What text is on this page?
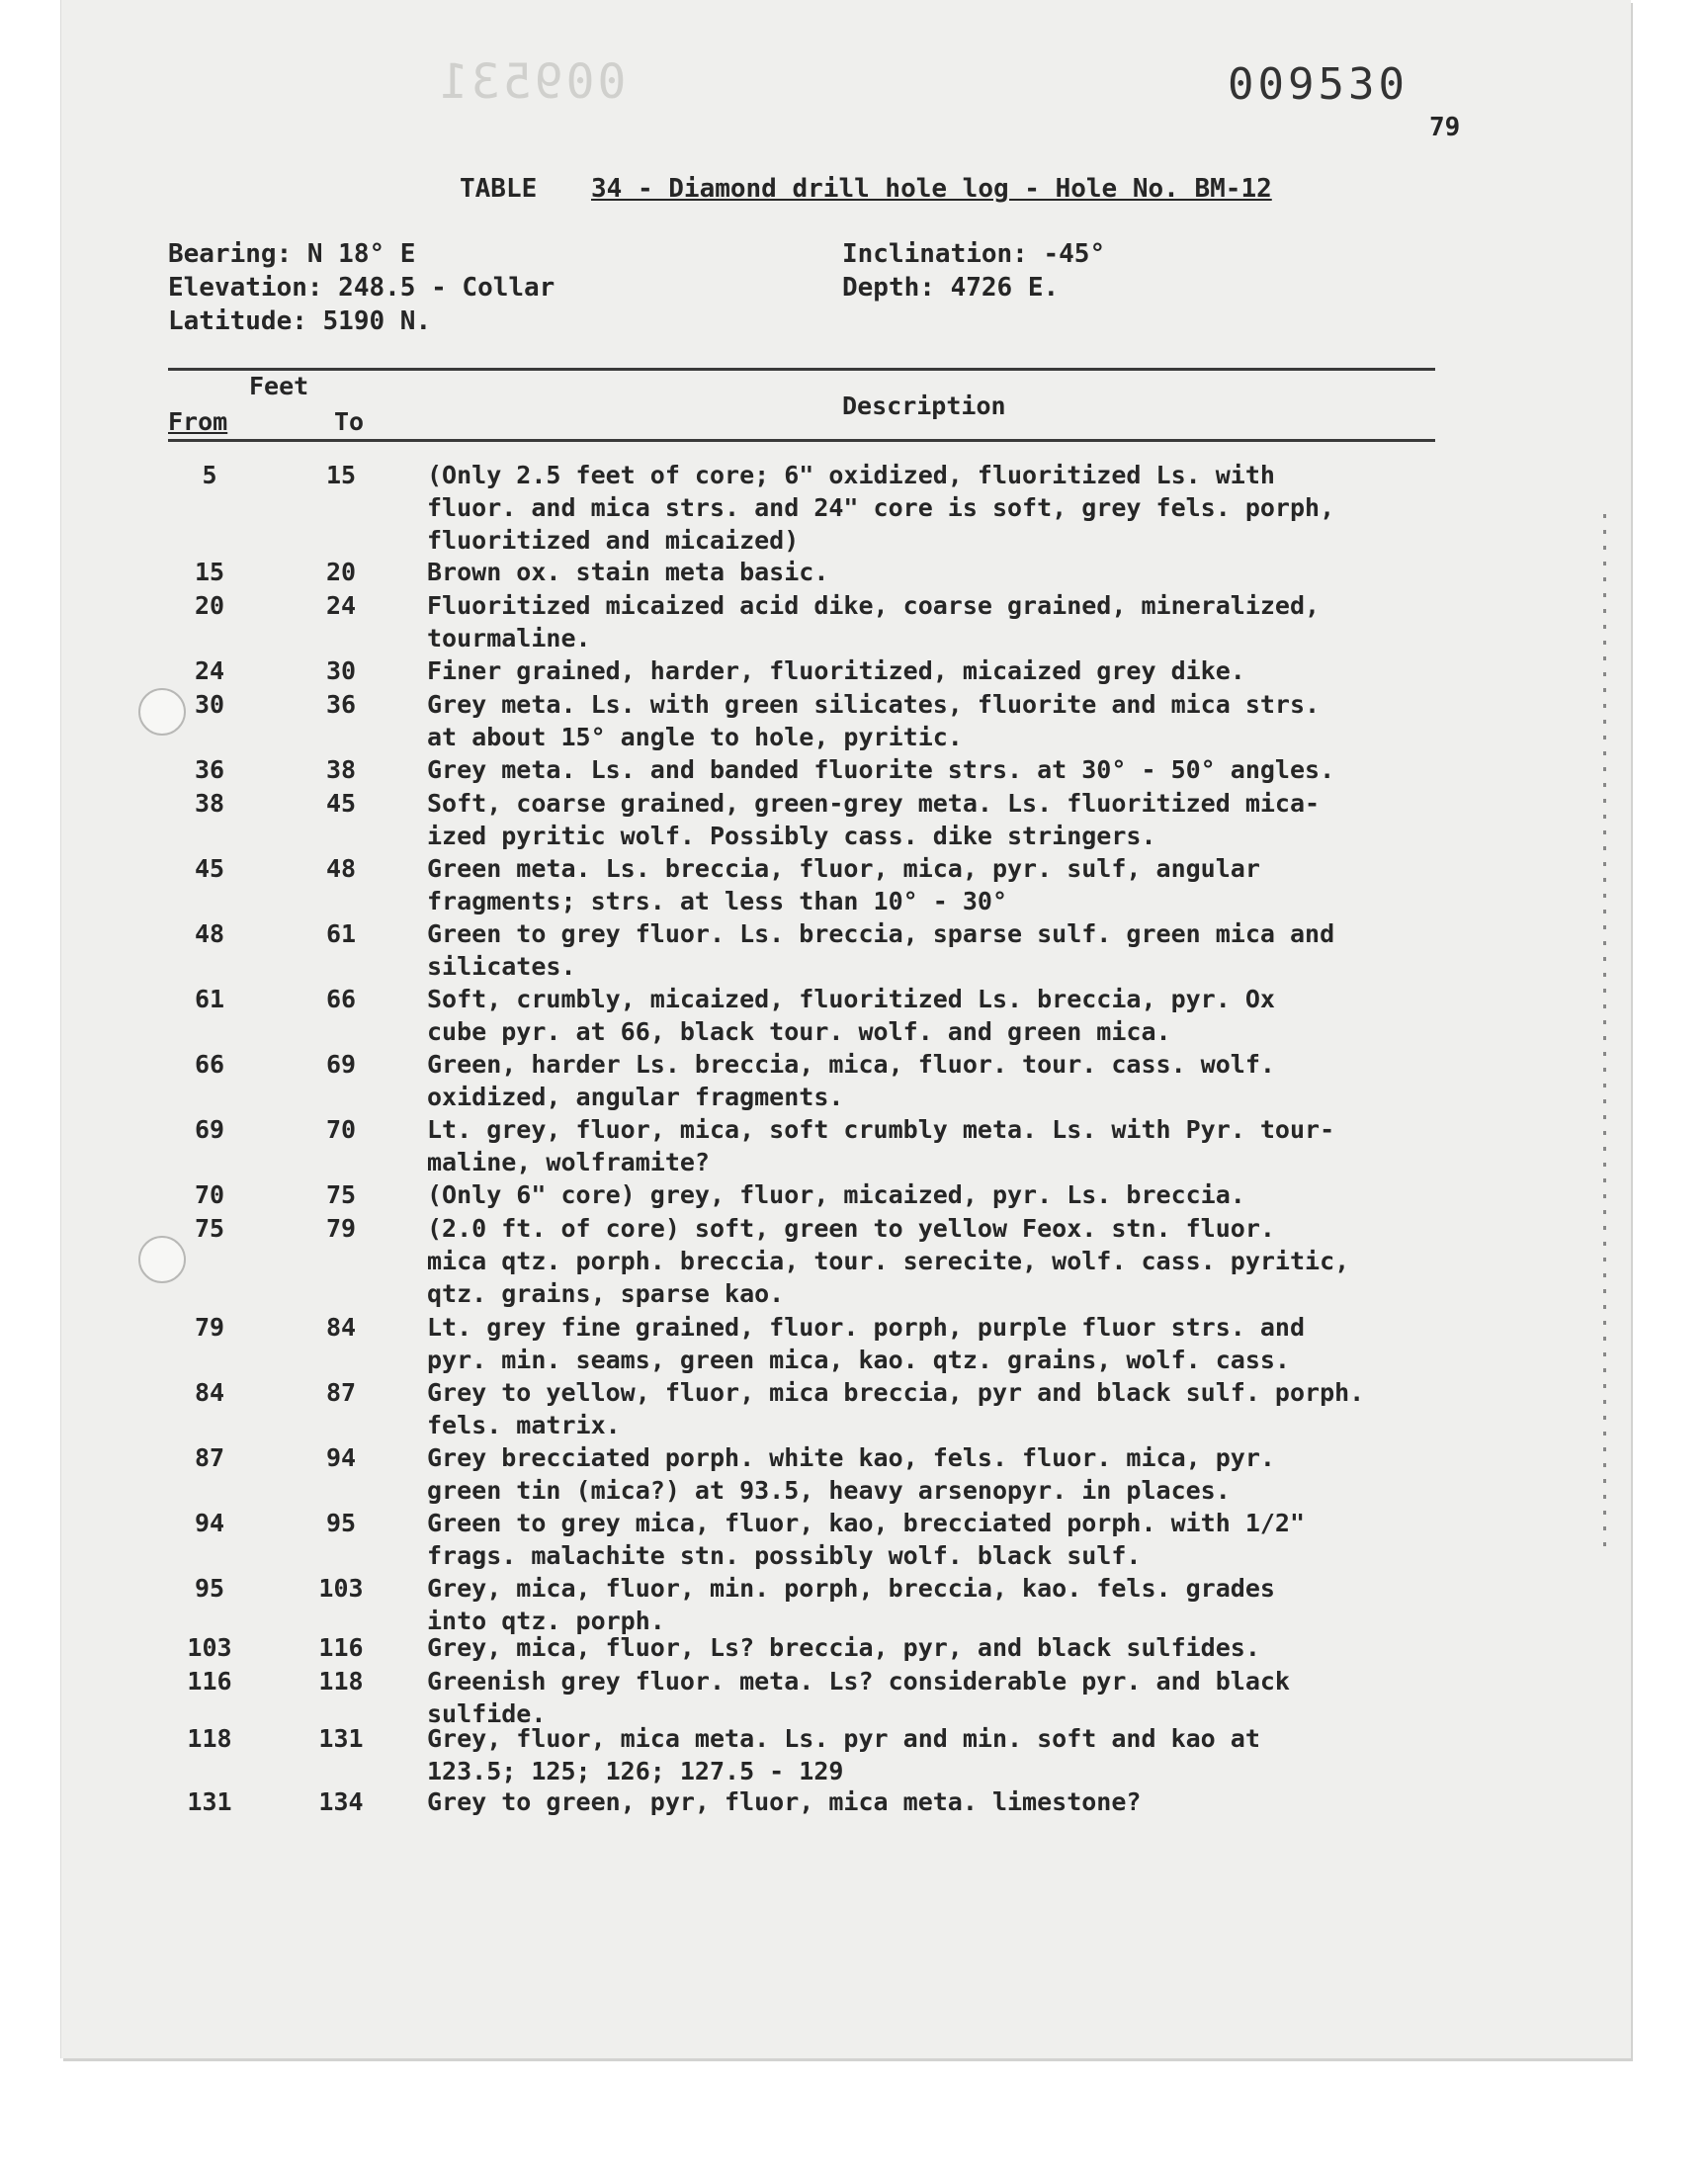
009531	009530
79
TABLE 34 - Diamond drill hole log - Hole No. BM-12
Bearing: N 18° E
Elevation: 248.5 - Collar
Latitude: 5190 N.
Inclination: -45°
Depth: 4726 E.
Feet
From	To
Description
5	15	(Only 2.5 feet of core; 6" oxidized, fluoritized Ls. with
fluor. and mica strs. and 24" core is soft, grey fels. porph,
fluoritized and micaized)
15	20	Brown ox. stain meta basic.
20	24	Fluoritized micaized acid dike, coarse grained, mineralized,
tourmaline.
24	30	Finer grained, harder, fluoritized, micaized grey dike.
30	36	Grey meta. Ls. with green silicates, fluorite and mica strs.
at about 15° angle to hole, pyritic.
36	38	Grey meta. Ls. and banded fluorite strs. at 30° - 50° angles.
38	45	Soft, coarse grained, green-grey meta. Ls. fluoritized mica-
ized pyritic wolf. Possibly cass. dike stringers.
45	48	Green meta. Ls. breccia, fluor, mica, pyr. sulf, angular
fragments; strs. at less than 10° - 30°
48	61	Green to grey fluor. Ls. breccia, sparse sulf. green mica and
silicates.
61	66	Soft, crumbly, micaized, fluoritized Ls. breccia, pyr. Ox
cube pyr. at 66, black tour. wolf. and green mica.
66	69	Green, harder Ls. breccia, mica, fluor. tour. cass. wolf.
oxidized, angular fragments.
69	70	Lt. grey, fluor, mica, soft crumbly meta. Ls. with Pyr. tour-
maline, wolframite?
70	75	(Only 6" core) grey, fluor, micaized, pyr. Ls. breccia.
75	79	(2.0 ft. of core) soft, green to yellow Feox. stn. fluor.
mica qtz. porph. breccia, tour. serecite, wolf. cass. pyritic,
qtz. grains, sparse kao.
79	84	Lt. grey fine grained, fluor. porph, purple fluor strs. and
pyr. min. seams, green mica, kao. qtz. grains, wolf. cass.
84	87	Grey to yellow, fluor, mica breccia, pyr and black sulf. porph.
fels. matrix.
87	94	Grey brecciated porph. white kao, fels. fluor. mica, pyr.
green tin (mica?) at 93.5, heavy arsenopyr. in places.
94	95	Green to grey mica, fluor, kao, brecciated porph. with 1/2"
frags. malachite stn. possibly wolf. black sulf.
95	103	Grey, mica, fluor, min. porph, breccia, kao. fels. grades
into qtz. porph.
103	116	Grey, mica, fluor, Ls? breccia, pyr, and black sulfides.
116	118	Greenish grey fluor. meta. Ls? considerable pyr. and black
sulfide.
118	131	Grey, fluor, mica meta. Ls. pyr and min. soft and kao at
123.5; 125; 126; 127.5 - 129
131	134	Grey to green, pyr, fluor, mica meta. limestone?
